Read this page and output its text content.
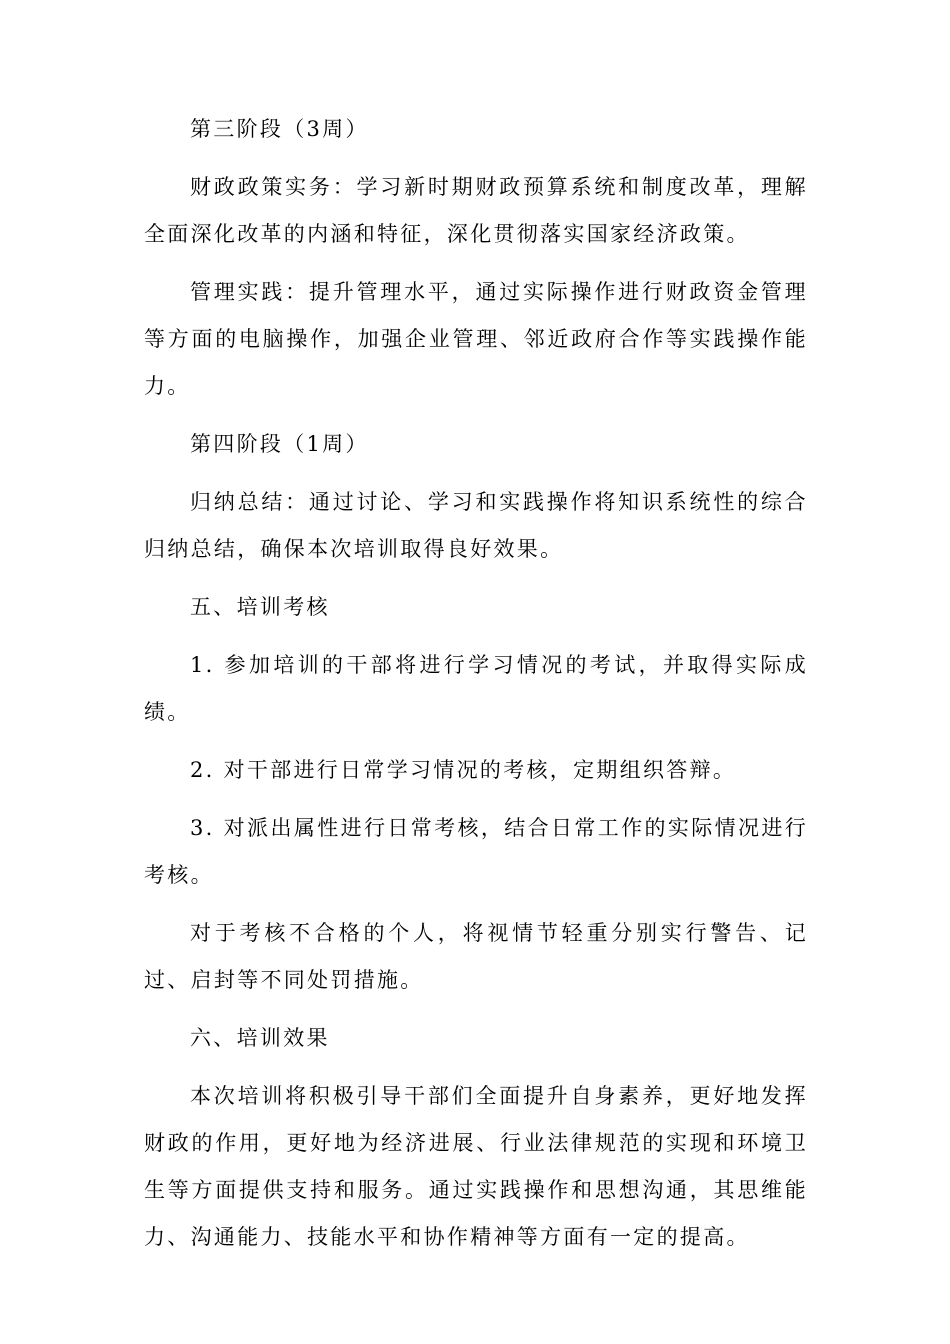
第三阶段（3周）

财政政策实务：学习新时期财政预算系统和制度改革，理解全面深化改革的内涵和特征，深化贯彻落实国家经济政策。

管理实践：提升管理水平，通过实际操作进行财政资金管理等方面的电脑操作，加强企业管理、邻近政府合作等实践操作能力。

第四阶段（1周）

归纳总结：通过讨论、学习和实践操作将知识系统性的综合归纳总结，确保本次培训取得良好效果。

五、培训考核

1. 参加培训的干部将进行学习情况的考试，并取得实际成绩。

2. 对干部进行日常学习情况的考核，定期组织答辩。

3. 对派出属性进行日常考核，结合日常工作的实际情况进行考核。

对于考核不合格的个人，将视情节轻重分别实行警告、记过、启封等不同处罚措施。

六、培训效果

本次培训将积极引导干部们全面提升自身素养，更好地发挥财政的作用，更好地为经济进展、行业法律规范的实现和环境卫生等方面提供支持和服务。通过实践操作和思想沟通，其思维能力、沟通能力、技能水平和协作精神等方面有一定的提高。
